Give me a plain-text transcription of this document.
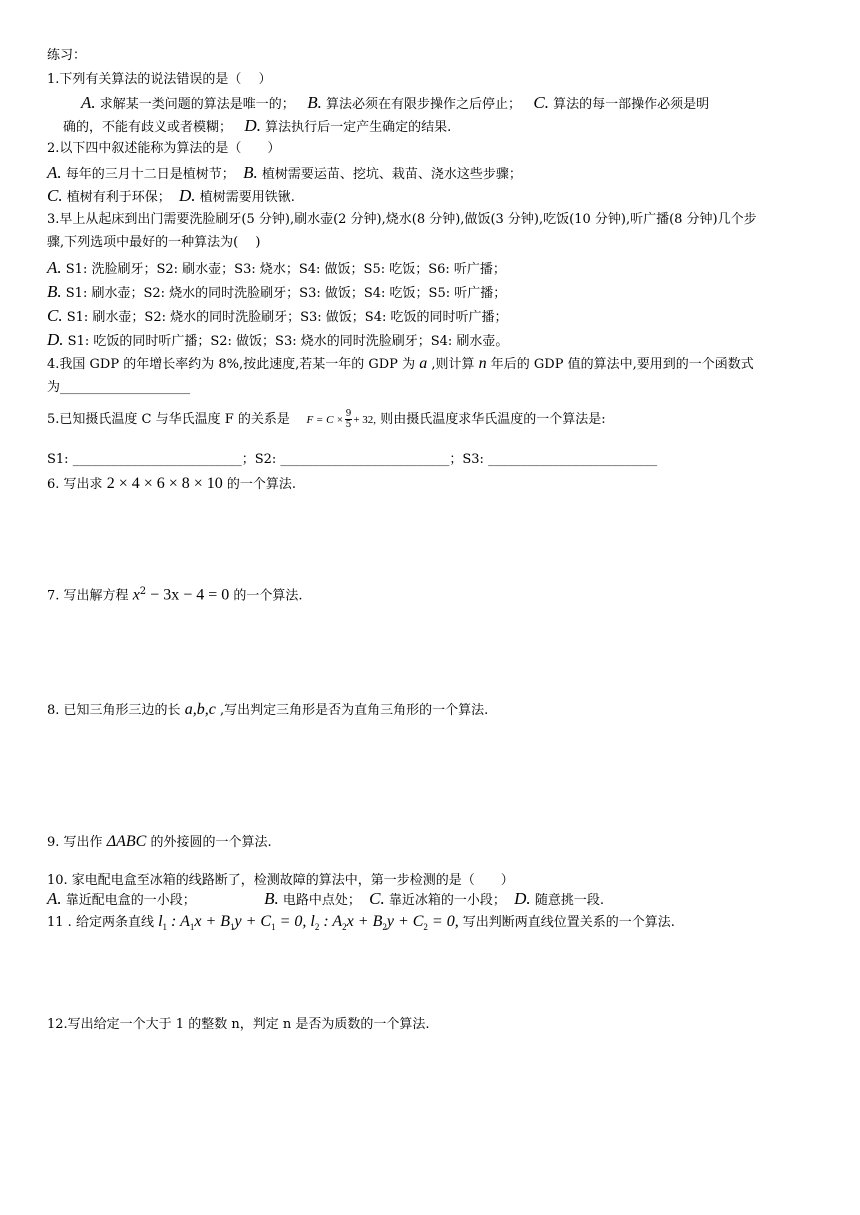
练习：
1.下列有关算法的说法错误的是（　 ）
A. 求解某一类问题的算法是唯一的； B. 算法必须在有限步操作之后停止； C. 算法的每一部操作必须是明
确的，不能有歧义或者模糊； D. 算法执行后一定产生确定的结果.
2.以下四中叙述能称为算法的是（　　）
A. 每年的三月十二日是植树节； B. 植树需要运苗、挖坑、栽苗、浇水这些步骤；
C. 植树有利于环保； D. 植树需要用铁锹.
3.早上从起床到出门需要洗脸刷牙(5 分钟),刷水壶(2 分钟),烧水(8 分钟),做饭(3 分钟),吃饭(10 分钟),听广播(8 分钟)几个步
骤,下列选项中最好的一种算法为(　 )
A. S1: 洗脸刷牙；S2: 刷水壶；S3: 烧水；S4: 做饭；S5: 吃饭；S6: 听广播；
B. S1: 刷水壶；S2: 烧水的同时洗脸刷牙；S3: 做饭；S4: 吃饭；S5: 听广播；
C. S1: 刷水壶；S2: 烧水的同时洗脸刷牙；S3: 做饭；S4: 吃饭的同时听广播；
D. S1: 吃饭的同时听广播；S2: 做饭；S3: 烧水的同时洗脸刷牙；S4: 刷水壶。
4.我国 GDP 的年增长率约为 8%,按此速度,若某一年的 GDP 为 a ,则计算 n 年后的 GDP 值的算法中,要用到的一个函数式
为____________________
5.已知摄氏温度 C 与华氏温度 F 的关系是 $F = C \times \frac{9}{5} + 32$, 则由摄氏温度求华氏温度的一个算法是:
S1: __________________________；S2: __________________________；S3: __________________________
6. 写出求 2 × 4 × 6 × 8 × 10 的一个算法.
7. 写出解方程 $x^2 - 3x - 4 = 0$ 的一个算法.
8. 已知三角形三边的长 a,b,c ,写出判定三角形是否为直角三角形的一个算法.
9. 写出作 ΔABC 的外接圆的一个算法.
10. 家电配电盒至冰箱的线路断了，检测故障的算法中，第一步检测的是（　　）
A. 靠近配电盒的一小段；	B. 电路中点处； C. 靠近冰箱的一小段； D. 随意挑一段.
11 . 给定两条直线 $l_1$ : $A_1x + B_1y + C_1 = 0$, $l_2$ : $A_2x + B_2y + C_2 = 0$, 写出判断两直线位置关系的一个算法.
12.写出给定一个大于 1 的整数 n，判定 n 是否为质数的一个算法.
